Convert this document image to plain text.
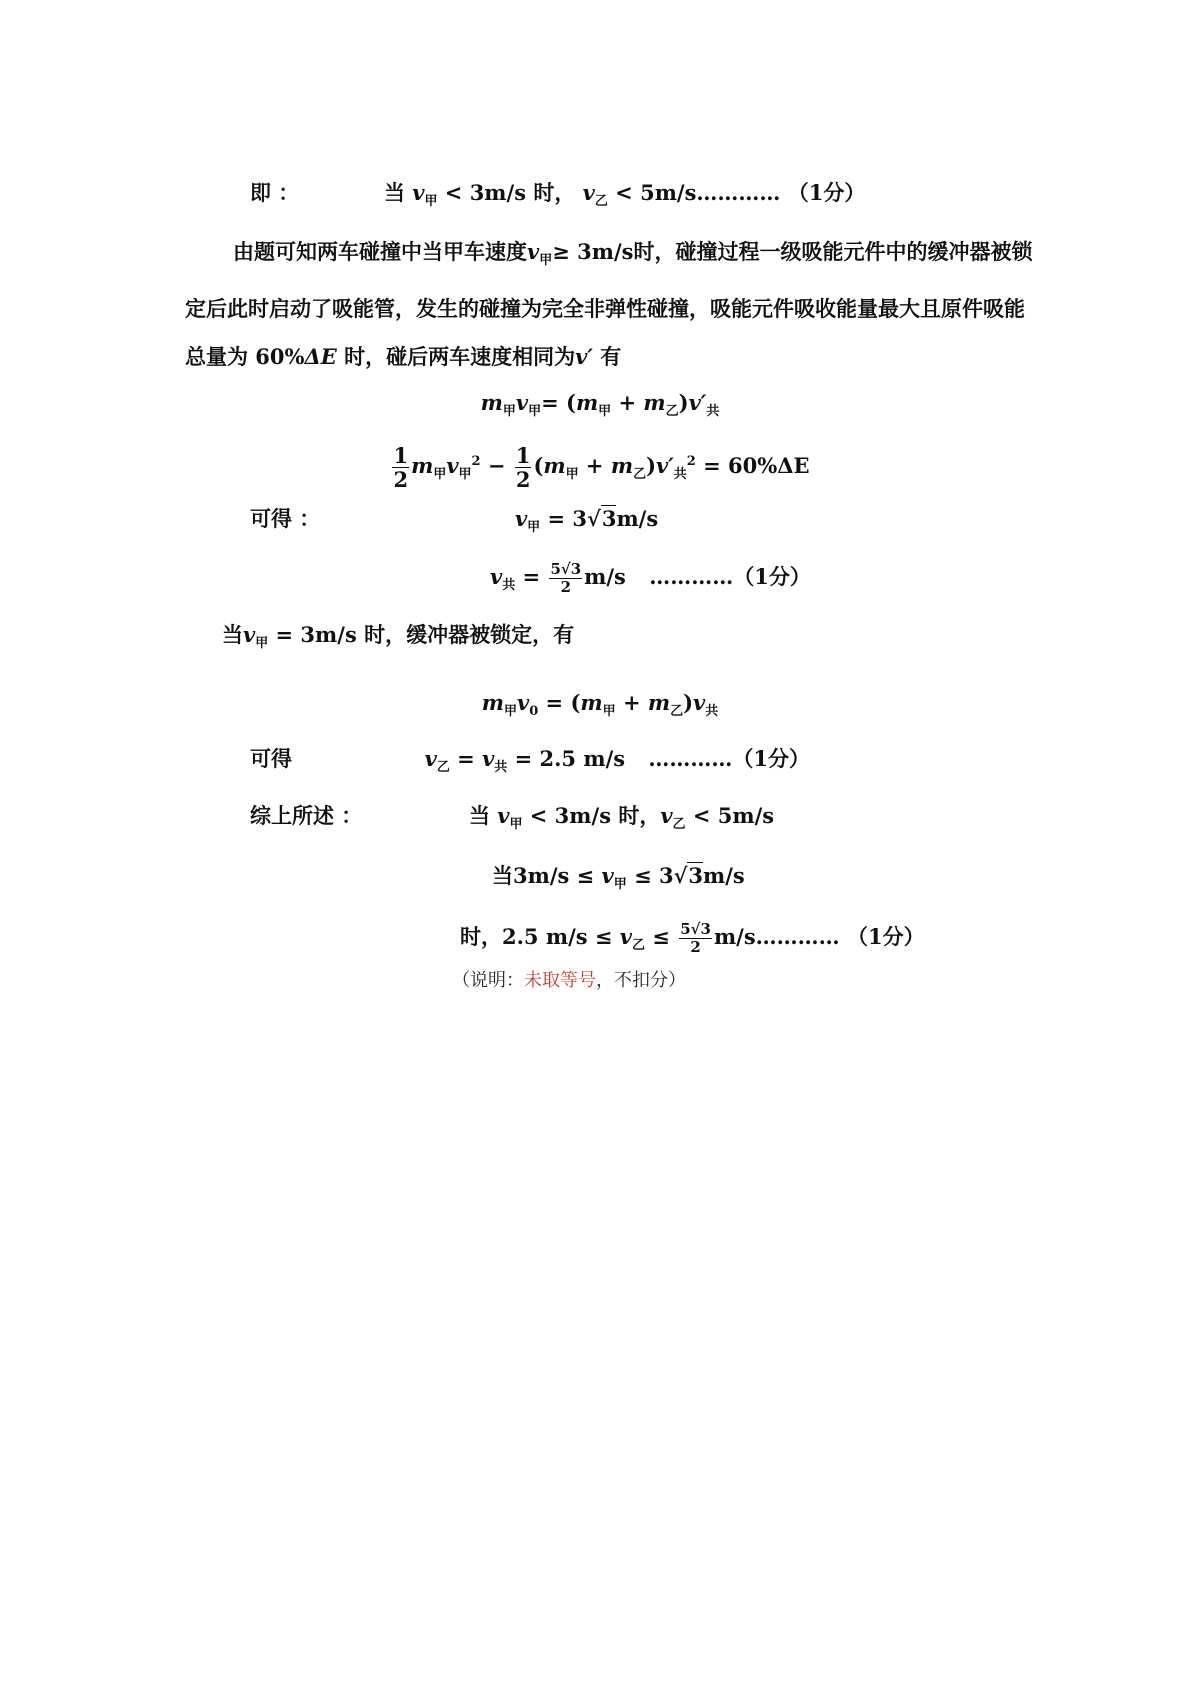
即 ：	当 $v_甲 < 3m/s$ 时， $v_乙$ < 5m/s………… （1分）
由题可知两车碰撞中当甲车速度$v_甲\ge 3m/s$时，碰撞过程一级吸能元件中的缓冲器被锁定后此时启动了吸能管，发生的碰撞为完全非弹性碰撞，吸能元件吸收能量最大且原件吸能总量为 60%ΔE 时，碰后两车速度相同为v′ 有
$m_甲v_甲= (m_甲 + m_乙)v'_共$
$\frac{1}{2} m_甲v_甲^2 - \frac{1}{2} (m_甲 + m_乙)v'_共^2 = 60\%\Delta E$
可得 ：	$v_甲 = 3√3m/s$
$v_共 = \frac{5√3}{2} m/s$ …………（1分）
当$v_甲 = 3m/s$ 时，缓冲器被锁定，有
$m_甲v_0 = (m_甲 + m_乙)v_共$
可得	$v_乙 = v_共 = 2.5$ m/s …………（1分）
综上所述 ：	当 $v_甲 < 3m/s$ 时，$v_乙 < 5m/s$
当$3m/s \le v_甲 \le 3√3m/s$
时，2.5 $m/s \le v_乙 \le \frac{5√3}{2}$ m/s………… （1分）
（说明：未取等号，不扣分）
